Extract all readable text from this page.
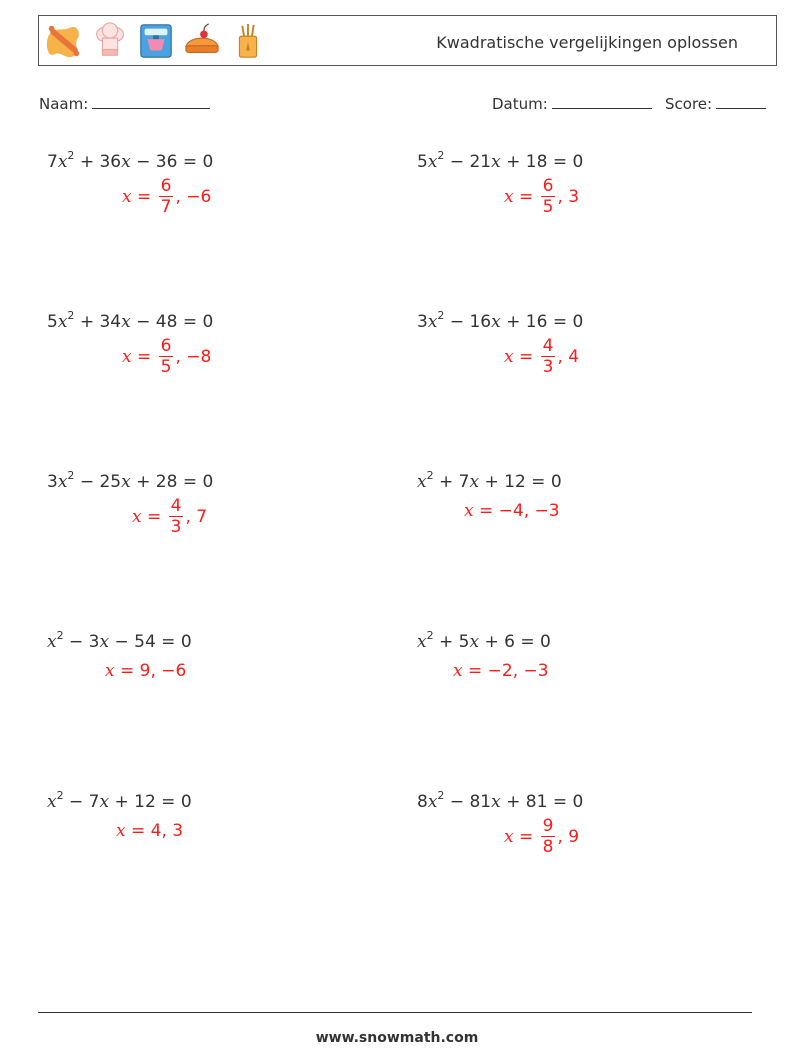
Kwadratische vergelijkingen oplossen
Naam:	Datum:	Score:
$7x^2 + 36x - 36 = 0$
$x = \frac{6}{7}$ , −6
$5x^2 - 21x + 18 = 0$
$x = \frac{6}{5}$ , 3
$5x^2 + 34x - 48 = 0$
$x = \frac{6}{5}$ , −8
$3x^2 - 16x + 16 = 0$
$x = \frac{4}{3}$ , 4
$3x^2 - 25x + 28 = 0$
$x = \frac{4}{3}$ , 7
$x^2 + 7x + 12 = 0$
x = −4, −3
$x^2 - 3x - 54 = 0$
x = 9, −6
$x^2 + 5x + 6 = 0$
x = −2, −3
$x^2 - 7x + 12 = 0$
x = 4, 3
$8x^2 - 81x + 81 = 0$
$x = \frac{9}{8}$ , 9
www.snowmath.com
